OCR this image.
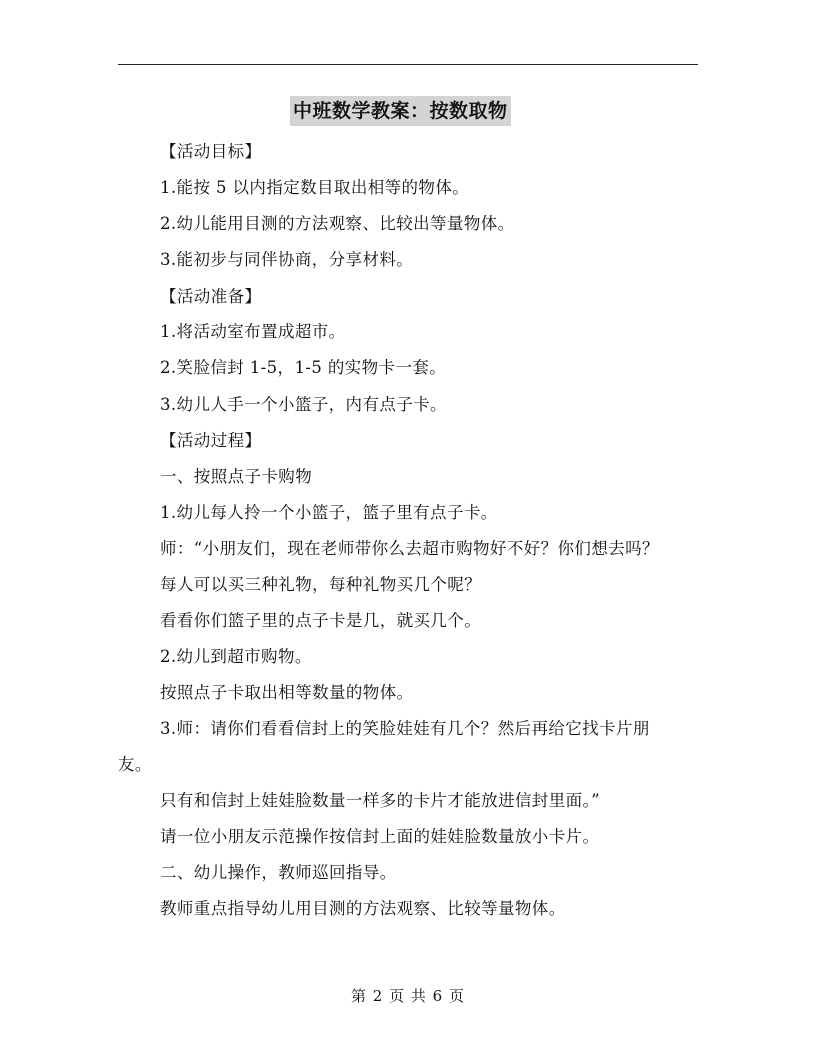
中班数学教案：按数取物
【活动目标】
1.能按 5 以内指定数目取出相等的物体。
2.幼儿能用目测的方法观察、比较出等量物体。
3.能初步与同伴协商，分享材料。
【活动准备】
1.将活动室布置成超市。
2.笑脸信封 1-5，1-5 的实物卡一套。
3.幼儿人手一个小篮子，内有点子卡。
【活动过程】
一、按照点子卡购物
1.幼儿每人拎一个小篮子，篮子里有点子卡。
师：“小朋友们，现在老师带你么去超市购物好不好？你们想去吗？
每人可以买三种礼物，每种礼物买几个呢？
看看你们篮子里的点子卡是几，就买几个。
2.幼儿到超市购物。
按照点子卡取出相等数量的物体。
3.师：请你们看看信封上的笑脸娃娃有几个？然后再给它找卡片朋
友。
只有和信封上娃娃脸数量一样多的卡片才能放进信封里面。”
请一位小朋友示范操作按信封上面的娃娃脸数量放小卡片。
二、幼儿操作，教师巡回指导。
教师重点指导幼儿用目测的方法观察、比较等量物体。
第 2 页 共 6 页
